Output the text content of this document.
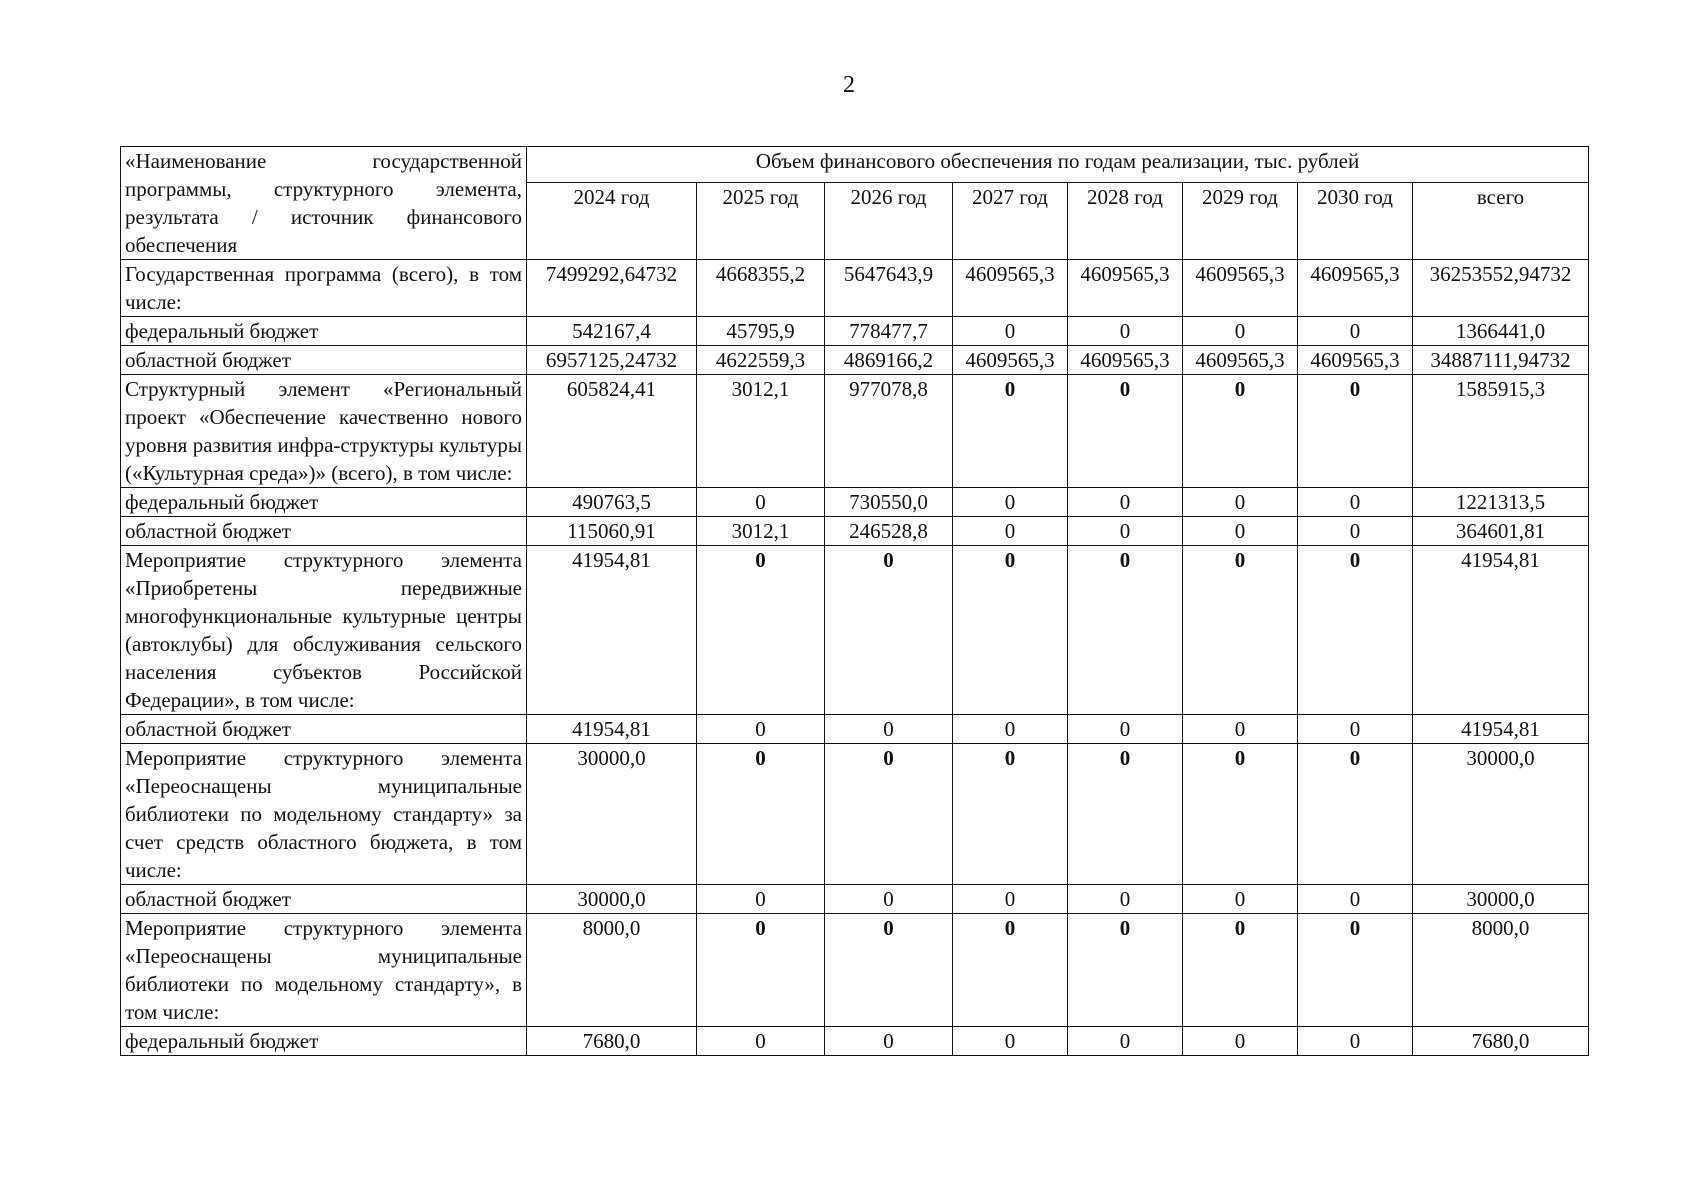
2
«Наименование государственной программы, структурного элемента, результата / источник финансового обеспечения	Объем финансового обеспечения по годам реализации, тыс. рублей							
	2024 год	2025 год	2026 год	2027 год	2028 год	2029 год	2030 год	всего
Государственная программа (всего), в том числе:	7499292,64732	4668355,2	5647643,9	4609565,3	4609565,3	4609565,3	4609565,3	36253552,94732
федеральный бюджет	542167,4	45795,9	778477,7	0	0	0	0	1366441,0
областной бюджет	6957125,24732	4622559,3	4869166,2	4609565,3	4609565,3	4609565,3	4609565,3	34887111,94732
Структурный элемент «Региональный проект «Обеспечение качественно нового уровня развития инфра-структуры культуры («Культурная среда»)» (всего), в том числе:	605824,41	3012,1	977078,8	0	0	0	0	1585915,3
федеральный бюджет	490763,5	0	730550,0	0	0	0	0	1221313,5
областной бюджет	115060,91	3012,1	246528,8	0	0	0	0	364601,81
Мероприятие структурного элемента «Приобретены передвижные многофункциональные культурные центры (автоклубы) для обслуживания сельского населения субъектов Российской Федерации», в том числе:	41954,81	0	0	0	0	0	0	41954,81
областной бюджет	41954,81	0	0	0	0	0	0	41954,81
Мероприятие структурного элемента «Переоснащены муниципальные библиотеки по модельному стандарту» за счет средств областного бюджета, в том числе:	30000,0	0	0	0	0	0	0	30000,0
областной бюджет	30000,0	0	0	0	0	0	0	30000,0
Мероприятие структурного элемента «Переоснащены муниципальные библиотеки по модельному стандарту», в том числе:	8000,0	0	0	0	0	0	0	8000,0
федеральный бюджет	7680,0	0	0	0	0	0	0	7680,0
